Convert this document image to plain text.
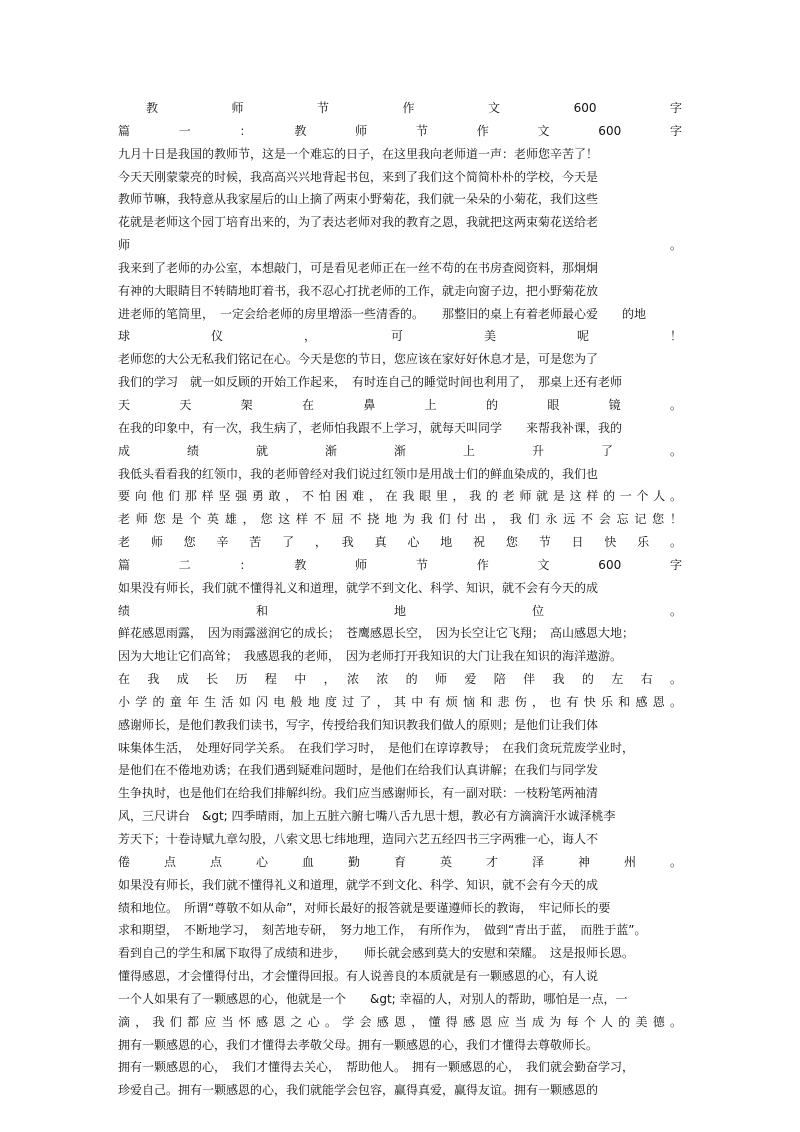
教　　　师　　　节　　　作　　　文　　　600　　　字
篇　一　：　教　师　节　作　文　600　字
九月十日是我国的教师节，这是一个难忘的日子，在这里我向老师道一声：老师您辛苦了！
今天天刚蒙蒙亮的时候，我高高兴兴地背起书包，来到了我们这个简简朴朴的学校，今天是
教师节嘛，我特意从我家屋后的山上摘了两束小野菊花，我们就一朵朵的小菊花，我们这些
花就是老师这个园丁培育出来的，为了表达老师对我的教育之恩，我就把这两束菊花送给老
师　。
我来到了老师的办公室，本想敲门，可是看见老师正在一丝不苟的在书房查阅资料，那炯炯
有神的大眼睛目不转睛地盯着书，我不忍心打扰老师的工作，就走向窗子边，把小野菊花放
进老师的笔筒里，　一定会给老师的房里增添一些清香的。　　那整旧的桌上有着老师最心爱　　的地
球　仪　，　可　美　呢　！
老师您的大公无私我们铭记在心。今天是您的节日，您应该在家好好休息才是，可是您为了
我们的学习　就一如反顾的开始工作起来，　有时连自己的睡觉时间也利用了，　那桌上还有老师
天　天　架　在　鼻　上　的　眼　镜　。
在我的印象中，有一次，我生病了，老师怕我跟不上学习，就每天叫同学　　来帮我补课，我的
成　绩　就　渐　渐　上　升　了　。
我低头看看我的红领巾，我的老师曾经对我们说过红领巾是用战士们的鲜血染成的，我们也
要向他们那样坚强勇敢，不怕困难，在我眼里，我的老师就是这样的一个人。
老师您是个英雄，您这样不屈不挠地为我们付出，我们永远不会忘记您！
老　师　您　辛　苦　了　，　我　真　心　地　祝　您　节　日　快　乐　。
篇　二　：　教　师　节　作　文　600　字
如果没有师长，我们就不懂得礼义和道理，就学不到文化、科学、知识，就不会有今天的成
绩　和　地　位　。
鲜花感恩雨露，　因为雨露滋润它的成长；　苍鹰感恩长空，　因为长空让它飞翔；　高山感恩大地；
因为大地让它们高耸；　我感恩我的老师，　因为老师打开我知识的大门让我在知识的海洋遨游。
在　我　成　长　历　程　中　，　浓　浓　的　师　爱　陪　伴　我　的　左　右　。
小学的童年生活如闪电般地度过了，其中有烦恼和悲伤，也有快乐和感恩。
感谢师长，是他们教我们读书，写字，传授给我们知识教我们做人的原则；是他们让我们体
味集体生活，　处理好同学关系。　在我们学习时，　是他们在谆谆教导；　在我们贪玩荒废学业时，
是他们在不倦地劝诱；在我们遇到疑难问题时，是他们在给我们认真讲解；在我们与同学发
生争执时，也是他们在给我们排解纠纷。我们应当感谢师长，有一副对联：一枝粉笔两袖清
风，三尺讲台　&gt; 四季晴雨，加上五脏六腑七嘴八舌九思十想，教必有方滴滴汗水诚泽桃李
芳天下；十卷诗赋九章勾股，八索文思七纬地理，造同六艺五经四书三字两雅一心，诲人不
倦　点　点　心　血　勤　育　英　才　泽　神　州　。
如果没有师长，我们就不懂得礼义和道理，就学不到文化、科学、知识，就不会有今天的成
绩和地位。　所谓“尊敬不如从命”，对师长最好的报答就是要谨遵师长的教诲，　牢记师长的要
求和期望，　不断地学习，　刻苦地专研，　努力地工作，　有所作为，　做到“青出于蓝，　而胜于蓝”。
看到自己的学生和属下取得了成绩和进步，　　师长就会感到莫大的安慰和荣耀。　这是报师长恩。
懂得感恩，才会懂得付出，才会懂得回报。有人说善良的本质就是有一颗感恩的心，有人说
一个人如果有了一颗感恩的心，他就是一个　　&gt; 幸福的人，对别人的帮助，哪怕是一点，一
滴，我们都应当怀感恩之心。学会感恩，懂得感恩应当成为每个人的美德。
拥有一颗感恩的心，我们才懂得去孝敬父母。拥有一颗感恩的心，我们才懂得去尊敬师长。
拥有一颗感恩的心，　我们才懂得去关心，　帮助他人。　拥有一颗感恩的心，　我们就会勤奋学习，
珍爱自己。拥有一颗感恩的心，我们就能学会包容，赢得真爱，赢得友谊。拥有一颗感恩的
